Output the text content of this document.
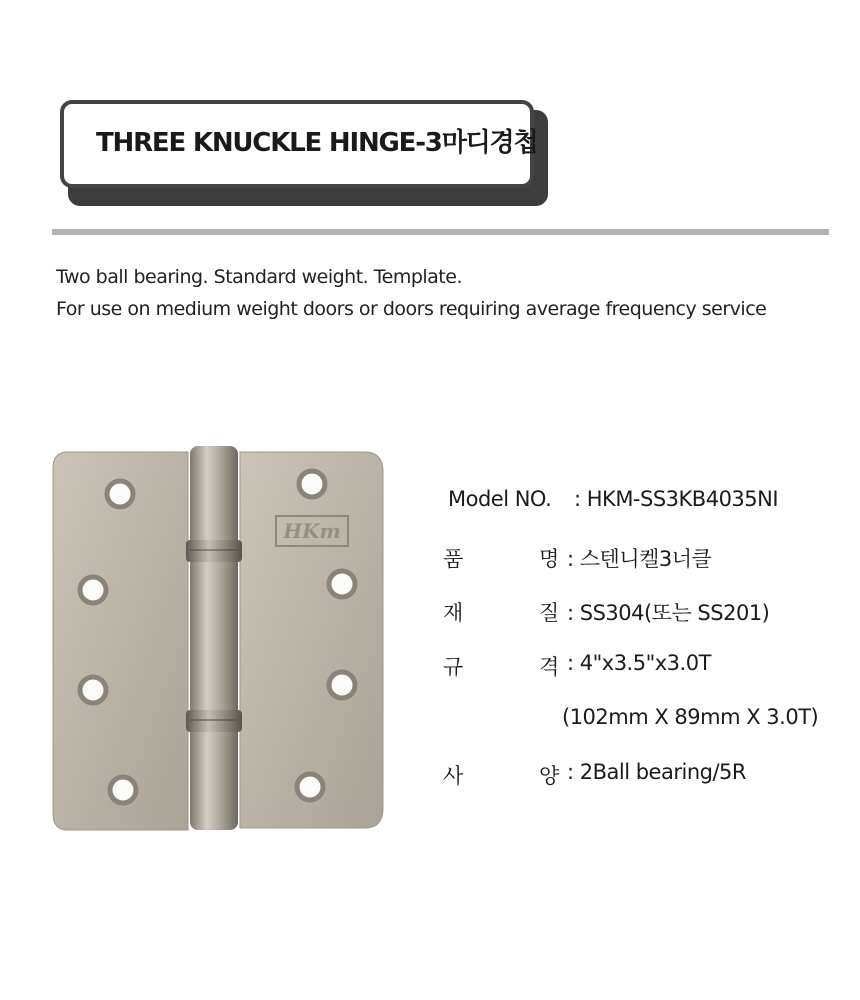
THREE KNUCKLE HINGE-3마디경첩
Two ball bearing. Standard weight. Template.
For use on medium weight doors or doors requiring average frequency service
HKm
Model NO. : HKM-SS3KB4035NI
품	명 : 스텐니켈3너클
재	질 : SS304(또는 SS201)
규	격 : 4"x3.5"x3.0T
(102mm X 89mm X 3.0T)
사	양 : 2Ball bearing/5R
